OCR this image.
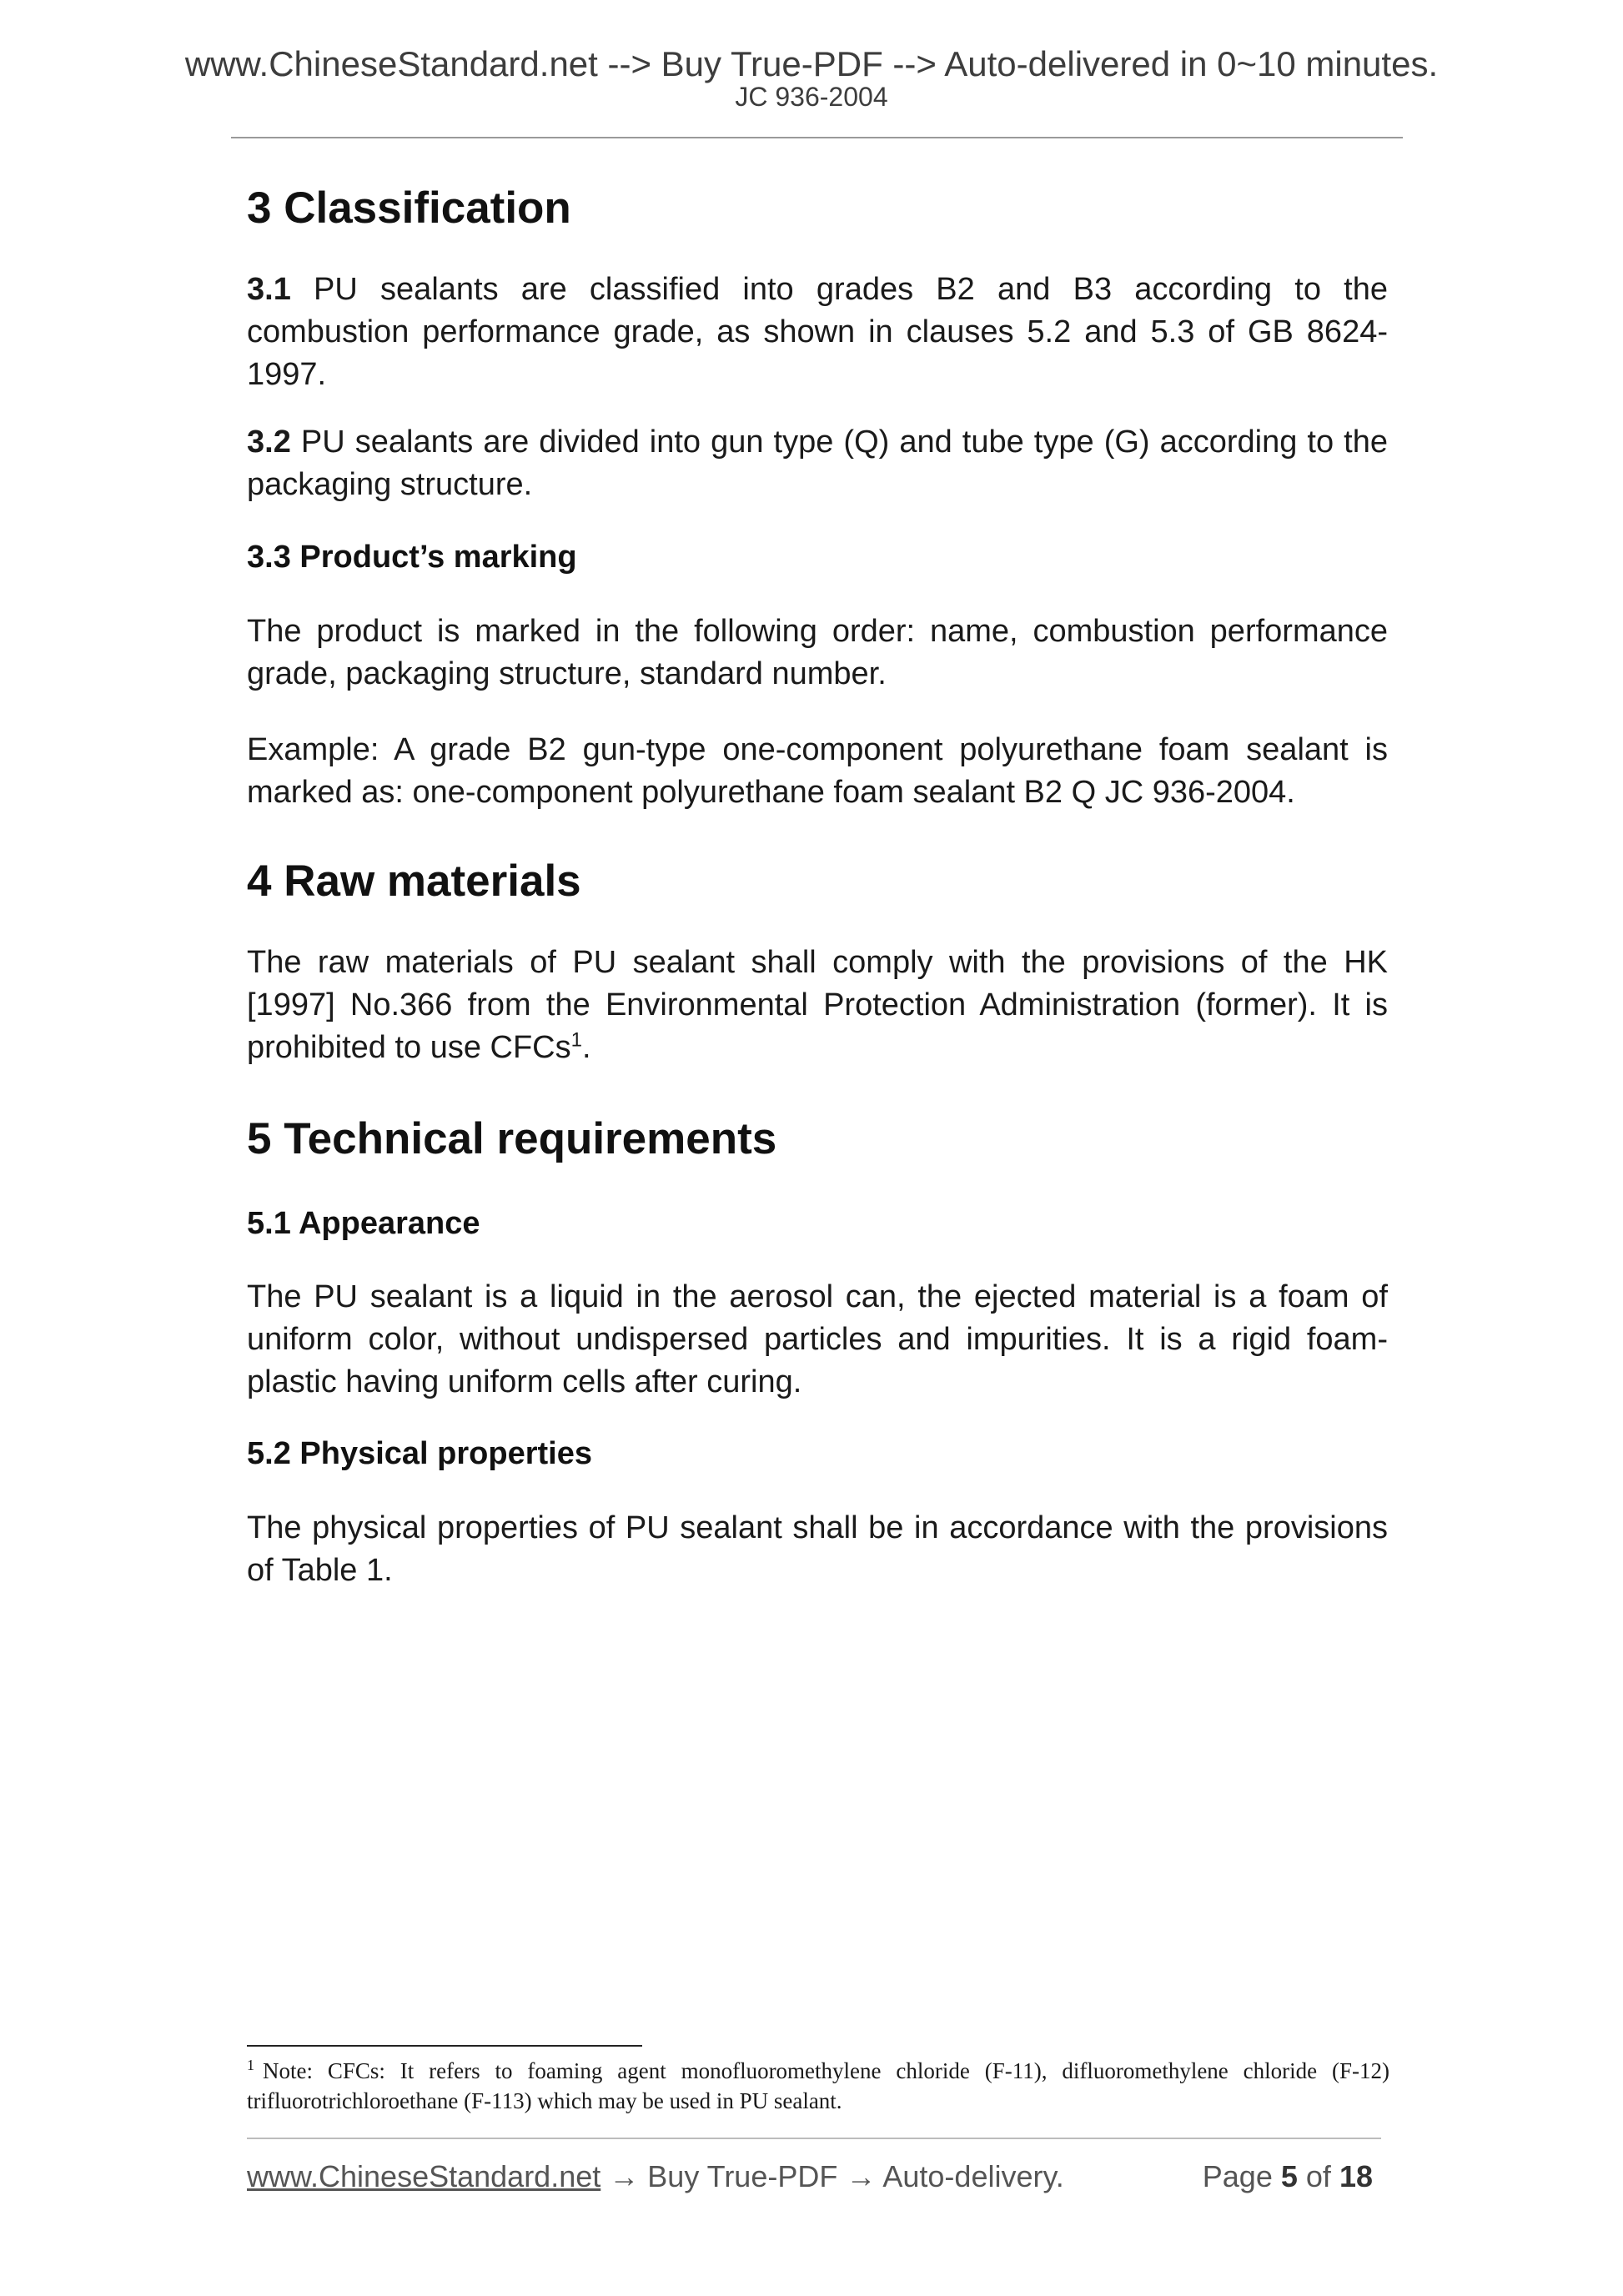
www.ChineseStandard.net --> Buy True-PDF --> Auto-delivered in 0~10 minutes.
JC 936-2004
3 Classification

3.1 PU sealants are classified into grades B2 and B3 according to the combustion performance grade, as shown in clauses 5.2 and 5.3 of GB 8624-1997.

3.2 PU sealants are divided into gun type (Q) and tube type (G) according to the packaging structure.

3.3 Product’s marking

The product is marked in the following order: name, combustion performance grade, packaging structure, standard number.

Example: A grade B2 gun-type one-component polyurethane foam sealant is marked as: one-component polyurethane foam sealant B2 Q JC 936-2004.

4 Raw materials

The raw materials of PU sealant shall comply with the provisions of the HK [1997] No.366 from the Environmental Protection Administration (former). It is prohibited to use CFCs$^1$.

5 Technical requirements
5.1 Appearance

The PU sealant is a liquid in the aerosol can, the ejected material is a foam of uniform color, without undispersed particles and impurities. It is a rigid foam-plastic having uniform cells after curing.

5.2 Physical properties

The physical properties of PU sealant shall be in accordance with the provisions of Table 1.

$^1$ Note: CFCs: It refers to foaming agent monofluoromethylene chloride (F-11), difluoromethylene chloride (F-12) trifluorotrichloroethane (F-113) which may be used in PU sealant.
www.ChineseStandard.net → Buy True-PDF → Auto-delivery.	Page 5 of 18
